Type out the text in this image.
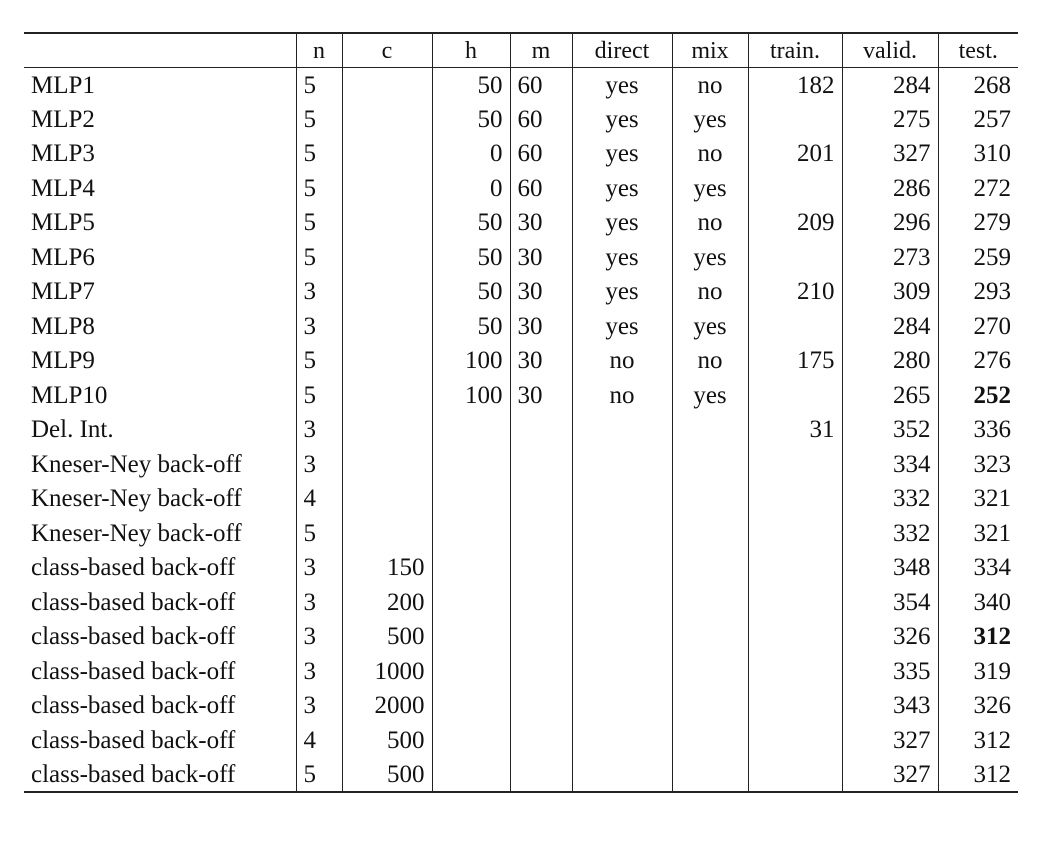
	n	c	h	m	direct	mix	train.	valid.	test.
MLP1	5		50	60	yes	no	182	284	268
MLP2	5		50	60	yes	yes		275	257
MLP3	5		0	60	yes	no	201	327	310
MLP4	5		0	60	yes	yes		286	272
MLP5	5		50	30	yes	no	209	296	279
MLP6	5		50	30	yes	yes		273	259
MLP7	3		50	30	yes	no	210	309	293
MLP8	3		50	30	yes	yes		284	270
MLP9	5		100	30	no	no	175	280	276
MLP10	5		100	30	no	yes		265	252
Del. Int.	3						31	352	336
Kneser-Ney back-off	3							334	323
Kneser-Ney back-off	4							332	321
Kneser-Ney back-off	5							332	321
class-based back-off	3	150						348	334
class-based back-off	3	200						354	340
class-based back-off	3	500						326	312
class-based back-off	3	1000						335	319
class-based back-off	3	2000						343	326
class-based back-off	4	500						327	312
class-based back-off	5	500						327	312
